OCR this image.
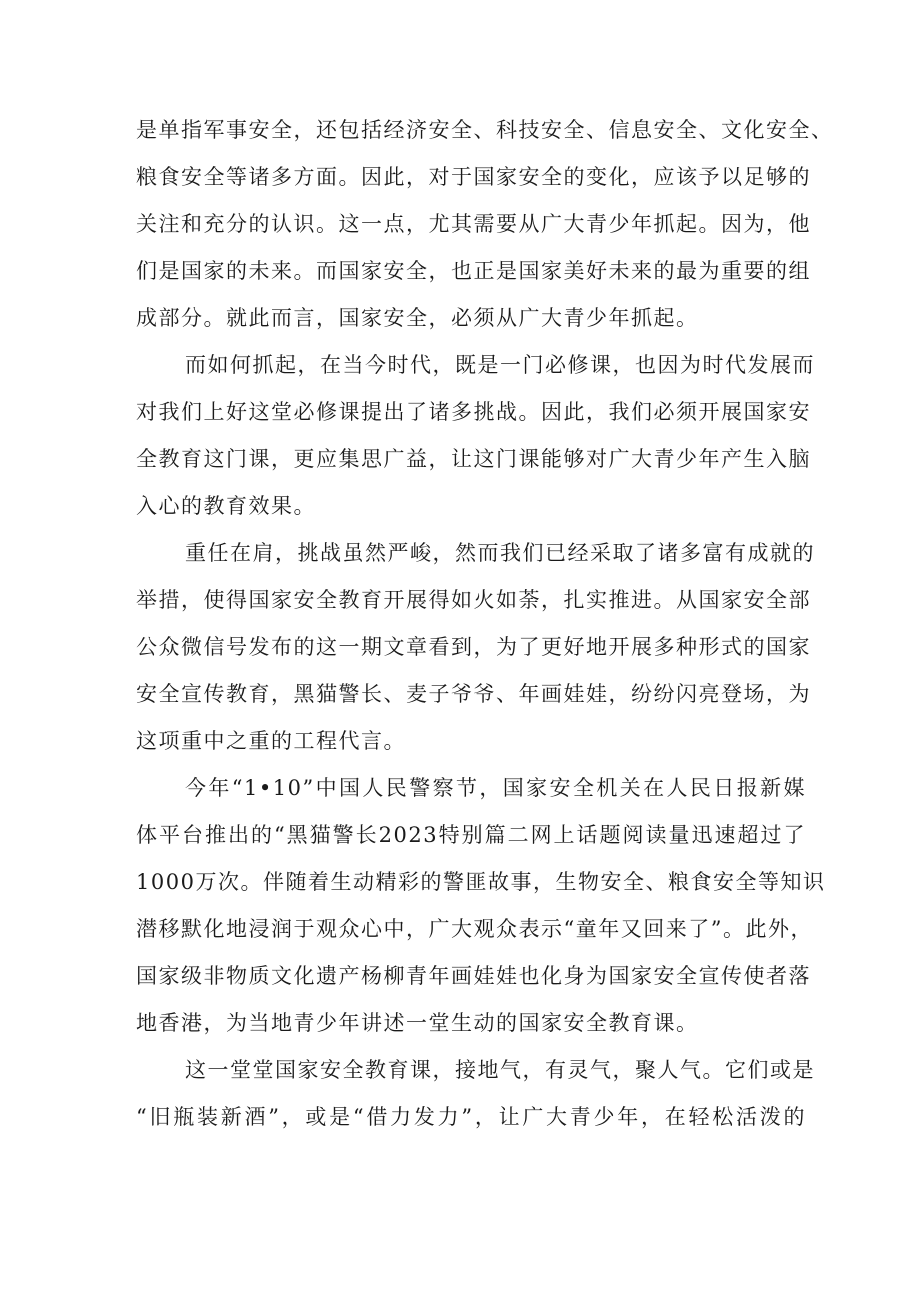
是单指军事安全，还包括经济安全、科技安全、信息安全、文化安全、
粮食安全等诸多方面。因此，对于国家安全的变化，应该予以足够的
关注和充分的认识。这一点，尤其需要从广大青少年抓起。因为，他
们是国家的未来。而国家安全，也正是国家美好未来的最为重要的组
成部分。就此而言，国家安全，必须从广大青少年抓起。

而如何抓起，在当今时代，既是一门必修课，也因为时代发展而
对我们上好这堂必修课提出了诸多挑战。因此，我们必须开展国家安
全教育这门课，更应集思广益，让这门课能够对广大青少年产生入脑
入心的教育效果。

重任在肩，挑战虽然严峻，然而我们已经采取了诸多富有成就的
举措，使得国家安全教育开展得如火如荼，扎实推进。从国家安全部
公众微信号发布的这一期文章看到，为了更好地开展多种形式的国家
安全宣传教育，黑猫警长、麦子爷爷、年画娃娃，纷纷闪亮登场，为
这项重中之重的工程代言。

今年“1•10”中国人民警察节，国家安全机关在人民日报新媒
体平台推出的“黑猫警长2023特别篇二网上话题阅读量迅速超过了
1000万次。伴随着生动精彩的警匪故事，生物安全、粮食安全等知识
潜移默化地浸润于观众心中，广大观众表示“童年又回来了”。此外，
国家级非物质文化遗产杨柳青年画娃娃也化身为国家安全宣传使者落
地香港，为当地青少年讲述一堂生动的国家安全教育课。

这一堂堂国家安全教育课，接地气，有灵气，聚人气。它们或是
“旧瓶装新酒”，或是“借力发力”，让广大青少年，在轻松活泼的
